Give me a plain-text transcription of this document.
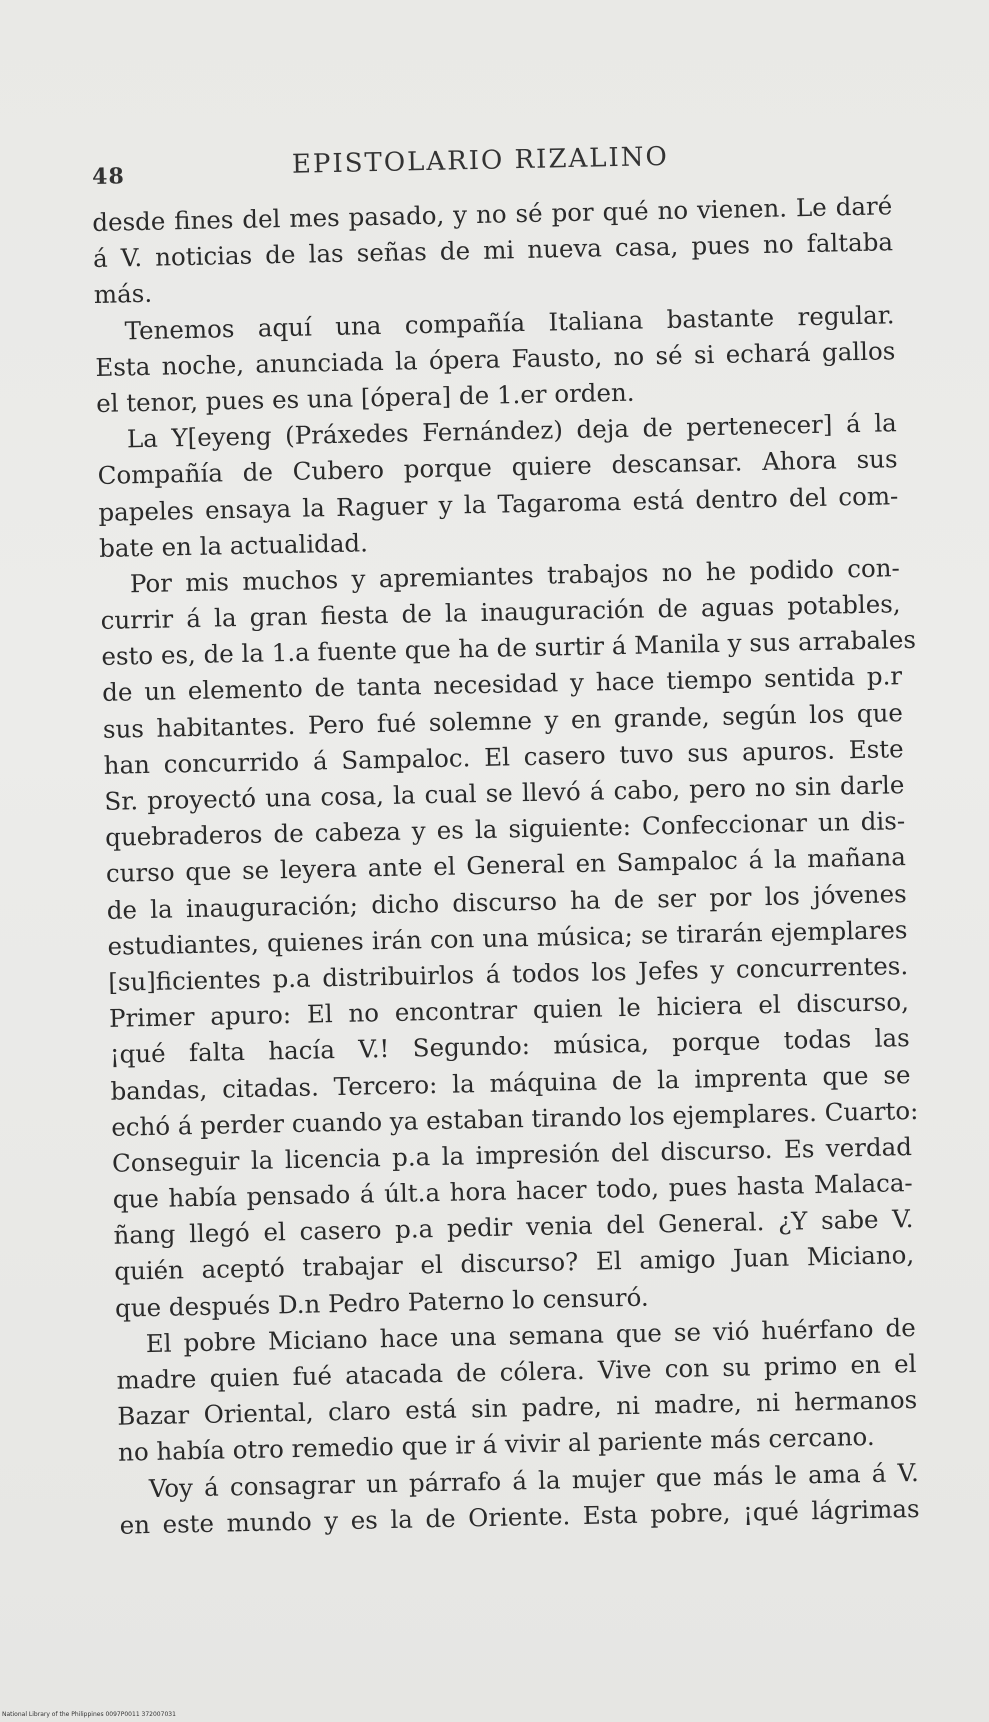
48	EPISTOLARIO RIZALINO
desde fines del mes pasado, y no sé por qué no vienen. Le daré
á V. noticias de las señas de mi nueva casa, pues no faltaba
más.
Tenemos aquí una compañía Italiana bastante regular.
Esta noche, anunciada la ópera Fausto, no sé si echará gallos
el tenor, pues es una [ópera] de 1.er orden.
La Y[eyeng (Práxedes Fernández) deja de pertenecer] á la
Compañía de Cubero porque quiere descansar. Ahora sus
papeles ensaya la Raguer y la Tagaroma está dentro del com-
bate en la actualidad.
Por mis muchos y apremiantes trabajos no he podido con-
currir á la gran fiesta de la inauguración de aguas potables,
esto es, de la 1.a fuente que ha de surtir á Manila y sus arrabales
de un elemento de tanta necesidad y hace tiempo sentida p.r
sus habitantes. Pero fué solemne y en grande, según los que
han concurrido á Sampaloc. El casero tuvo sus apuros. Este
Sr. proyectó una cosa, la cual se llevó á cabo, pero no sin darle
quebraderos de cabeza y es la siguiente: Confeccionar un dis-
curso que se leyera ante el General en Sampaloc á la mañana
de la inauguración; dicho discurso ha de ser por los jóvenes
estudiantes, quienes irán con una música; se tirarán ejemplares
[su]ficientes p.a distribuirlos á todos los Jefes y concurrentes.
Primer apuro: El no encontrar quien le hiciera el discurso,
¡qué falta hacía V.! Segundo: música, porque todas las
bandas, citadas. Tercero: la máquina de la imprenta que se
echó á perder cuando ya estaban tirando los ejemplares. Cuarto:
Conseguir la licencia p.a la impresión del discurso. Es verdad
que había pensado á últ.a hora hacer todo, pues hasta Malaca-
ñang llegó el casero p.a pedir venia del General. ¿Y sabe V.
quién aceptó trabajar el discurso? El amigo Juan Miciano,
que después D.n Pedro Paterno lo censuró.
El pobre Miciano hace una semana que se vió huérfano de
madre quien fué atacada de cólera. Vive con su primo en el
Bazar Oriental, claro está sin padre, ni madre, ni hermanos
no había otro remedio que ir á vivir al pariente más cercano.
Voy á consagrar un párrafo á la mujer que más le ama á V.
en este mundo y es la de Oriente. Esta pobre, ¡qué lágrimas
National Library of the Philippines 0097P0011 372007031
